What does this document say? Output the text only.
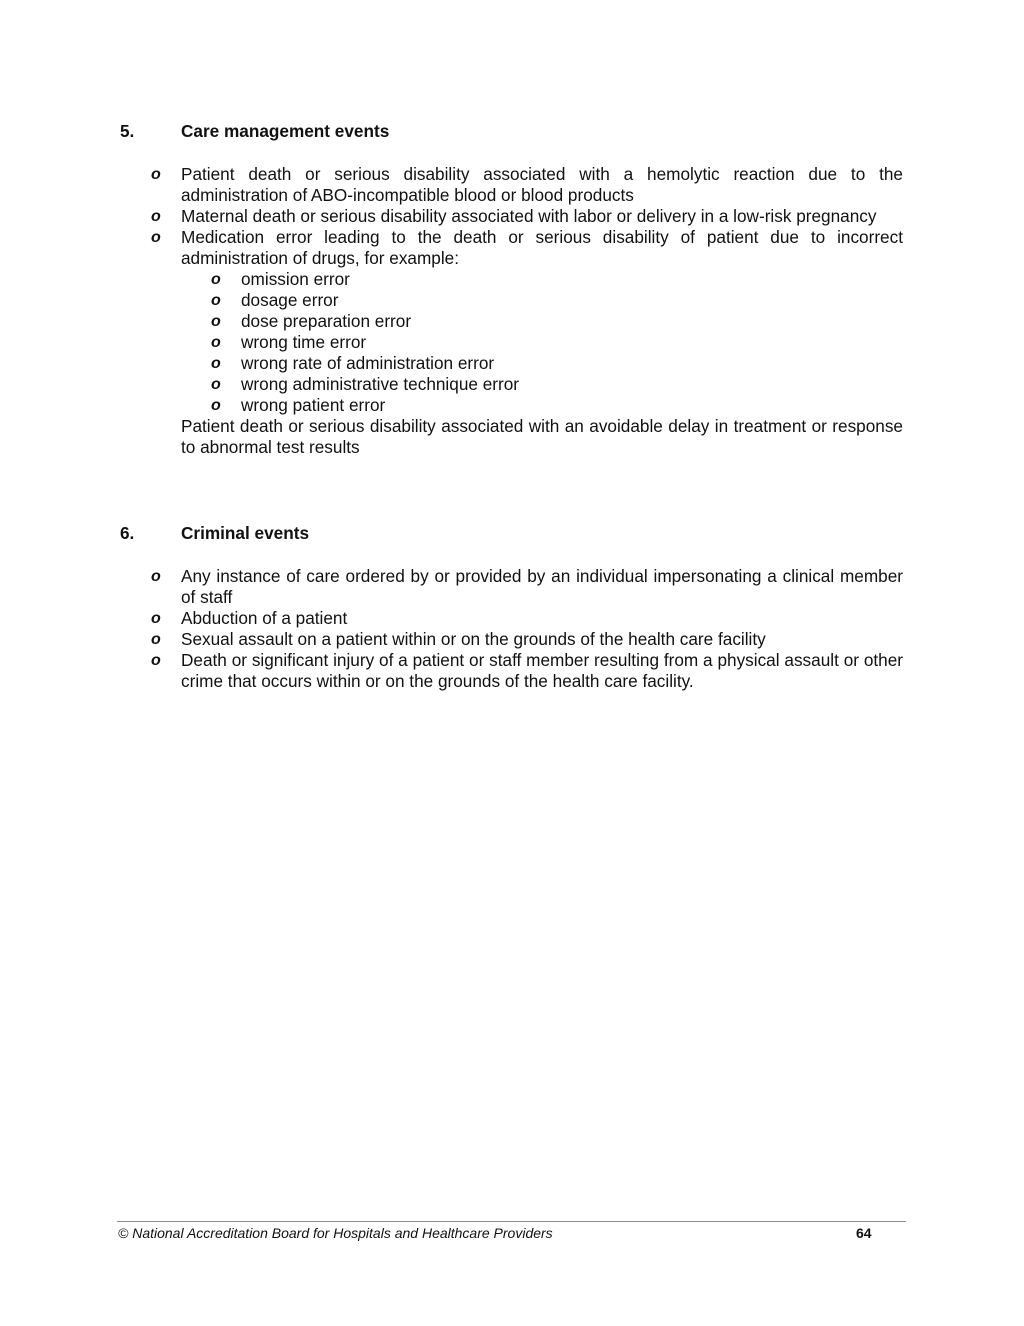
5.	Care management events
o Patient death or serious disability associated with a hemolytic reaction due to the administration of ABO-incompatible blood or blood products
o Maternal death or serious disability associated with labor or delivery in a low-risk pregnancy
o Medication error leading to the death or serious disability of patient due to incorrect administration of drugs, for example:
o omission error
o dosage error
o dose preparation error
o wrong time error
o wrong rate of administration error
o wrong administrative technique error
o wrong patient error
Patient death or serious disability associated with an avoidable delay in treatment or response to abnormal test results
6.	Criminal events
o Any instance of care ordered by or provided by an individual impersonating a clinical member of staff
o Abduction of a patient
o Sexual assault on a patient within or on the grounds of the health care facility
o Death or significant injury of a patient or staff member resulting from a physical assault or other crime that occurs within or on the grounds of the health care facility.
© National Accreditation Board for Hospitals and Healthcare Providers	64
